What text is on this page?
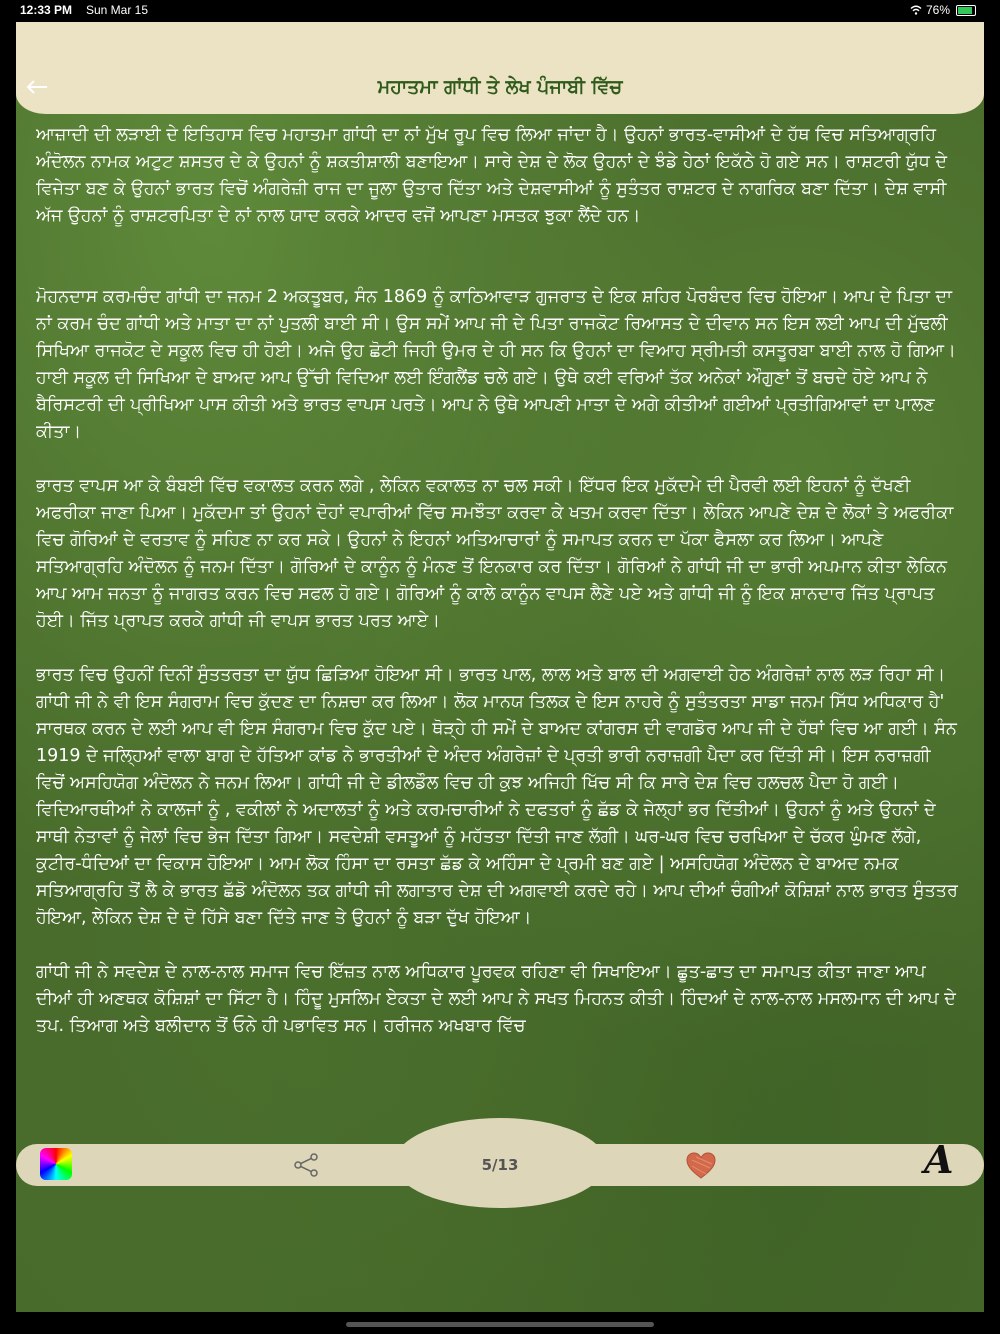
12:33 PM Sun Mar 15	76%
ਮਹਾਤਮਾ ਗਾਂਧੀ ਤੇ ਲੇਖ ਪੰਜਾਬੀ ਵਿੱਚ

ਆਜ਼ਾਦੀ ਦੀ ਲੜਾਈ ਦੇ ਇਤਿਹਾਸ ਵਿਚ ਮਹਾਤਮਾ ਗਾਂਧੀ ਦਾ ਨਾਂ ਮੁੱਖ ਰੂਪ ਵਿਚ ਲਿਆ ਜਾਂਦਾ ਹੈ। ਉਹਨਾਂ ਭਾਰਤ-ਵਾਸੀਆਂ ਦੇ ਹੱਥ ਵਿਚ ਸਤਿਆਗ੍ਰਹਿ ਅੰਦੋਲਨ ਨਾਮਕ ਅਟੁਟ ਸ਼ਸਤਰ ਦੇ ਕੇ ਉਹਨਾਂ ਨੂੰ ਸ਼ਕਤੀਸ਼ਾਲੀ ਬਣਾਇਆ। ਸਾਰੇ ਦੇਸ਼ ਦੇ ਲੋਕ ਉਹਨਾਂ ਦੇ ਝੰਡੇ ਹੇਠਾਂ ਇਕੱਠੇ ਹੋ ਗਏ ਸਨ। ਰਾਸ਼ਟਰੀ ਯੁੱਧ ਦੇ ਵਿਜੇਤਾ ਬਣ ਕੇ ਉਹਨਾਂ ਭਾਰਤ ਵਿਚੋਂ ਅੰਗਰੇਜ਼ੀ ਰਾਜ ਦਾ ਜੂਲਾ ਉਤਾਰ ਦਿੱਤਾ ਅਤੇ ਦੇਸ਼ਵਾਸੀਆਂ ਨੂੰ ਸੁਤੰਤਰ ਰਾਸ਼ਟਰ ਦੇ ਨਾਗਰਿਕ ਬਣਾ ਦਿੱਤਾ। ਦੇਸ਼ ਵਾਸੀ ਅੱਜ ਉਹਨਾਂ ਨੂੰ ਰਾਸ਼ਟਰਪਿਤਾ ਦੇ ਨਾਂ ਨਾਲ ਯਾਦ ਕਰਕੇ ਆਦਰ ਵਜੋਂ ਆਪਣਾ ਮਸਤਕ ਝੁਕਾ ਲੈਂਦੇ ਹਨ।

ਮੋਹਨਦਾਸ ਕਰਮਚੰਦ ਗਾਂਧੀ ਦਾ ਜਨਮ 2 ਅਕਤੂਬਰ, ਸੰਨ 1869 ਨੂੰ ਕਾਠਿਆਵਾੜ ਗੁਜਰਾਤ ਦੇ ਇਕ ਸ਼ਹਿਰ ਪੋਰਬੰਦਰ ਵਿਚ ਹੋਇਆ। ਆਪ ਦੇ ਪਿਤਾ ਦਾ ਨਾਂ ਕਰਮ ਚੰਦ ਗਾਂਧੀ ਅਤੇ ਮਾਤਾ ਦਾ ਨਾਂ ਪੁਤਲੀ ਬਾਈ ਸੀ। ਉਸ ਸਮੇਂ ਆਪ ਜੀ ਦੇ ਪਿਤਾ ਰਾਜਕੋਟ ਰਿਆਸਤ ਦੇ ਦੀਵਾਨ ਸਨ ਇਸ ਲਈ ਆਪ ਦੀ ਮੁੱਢਲੀ ਸਿਖਿਆ ਰਾਜਕੋਟ ਦੇ ਸਕੂਲ ਵਿਚ ਹੀ ਹੋਈ। ਅਜੇ ਉਹ ਛੋਟੀ ਜਿਹੀ ਉਮਰ ਦੇ ਹੀ ਸਨ ਕਿ ਉਹਨਾਂ ਦਾ ਵਿਆਹ ਸ੍ਰੀਮਤੀ ਕਸਤੂਰਬਾ ਬਾਈ ਨਾਲ ਹੋ ਗਿਆ। ਹਾਈ ਸਕੂਲ ਦੀ ਸਿਖਿਆ ਦੇ ਬਾਅਦ ਆਪ ਉੱਚੀ ਵਿਦਿਆ ਲਈ ਇੰਗਲੈਂਡ ਚਲੇ ਗਏ। ਉਥੇ ਕਈ ਵਰਿਆਂ ਤੱਕ ਅਨੇਕਾਂ ਔਗੁਣਾਂ ਤੋਂ ਬਚਦੇ ਹੋਏ ਆਪ ਨੇ ਬੈਰਿਸਟਰੀ ਦੀ ਪ੍ਰੀਖਿਆ ਪਾਸ ਕੀਤੀ ਅਤੇ ਭਾਰਤ ਵਾਪਸ ਪਰਤੇ। ਆਪ ਨੇ ਉਥੇ ਆਪਣੀ ਮਾਤਾ ਦੇ ਅਗੇ ਕੀਤੀਆਂ ਗਈਆਂ ਪ੍ਰਤੀਗਿਆਵਾਂ ਦਾ ਪਾਲਣ ਕੀਤਾ।

ਭਾਰਤ ਵਾਪਸ ਆ ਕੇ ਬੰਬਈ ਵਿੱਚ ਵਕਾਲਤ ਕਰਨ ਲਗੇ , ਲੇਕਿਨ ਵਕਾਲਤ ਨਾ ਚਲ ਸਕੀ। ਇੱਧਰ ਇਕ ਮੁਕੱਦਮੇ ਦੀ ਪੈਰਵੀ ਲਈ ਇਹਨਾਂ ਨੂੰ ਦੱਖਣੀ ਅਫਰੀਕਾ ਜਾਣਾ ਪਿਆ। ਮੁਕੱਦਮਾ ਤਾਂ ਉਹਨਾਂ ਦੋਹਾਂ ਵਪਾਰੀਆਂ ਵਿੱਚ ਸਮਝੌਤਾ ਕਰਵਾ ਕੇ ਖਤਮ ਕਰਵਾ ਦਿੱਤਾ। ਲੇਕਿਨ ਆਪਣੇ ਦੇਸ਼ ਦੇ ਲੋਕਾਂ ਤੇ ਅਫਰੀਕਾ ਵਿਚ ਗੋਰਿਆਂ ਦੇ ਵਰਤਾਵ ਨੂੰ ਸਹਿਣ ਨਾ ਕਰ ਸਕੇ। ਉਹਨਾਂ ਨੇ ਇਹਨਾਂ ਅਤਿਆਚਾਰਾਂ ਨੂੰ ਸਮਾਪਤ ਕਰਨ ਦਾ ਪੱਕਾ ਫੈਸਲਾ ਕਰ ਲਿਆ। ਆਪਣੇ ਸਤਿਆਗ੍ਰਹਿ ਅੰਦੋਲਨ ਨੂੰ ਜਨਮ ਦਿੱਤਾ। ਗੋਰਿਆਂ ਦੇ ਕਾਨੂੰਨ ਨੂੰ ਮੰਨਣ ਤੋਂ ਇਨਕਾਰ ਕਰ ਦਿੱਤਾ। ਗੋਰਿਆਂ ਨੇ ਗਾਂਧੀ ਜੀ ਦਾ ਭਾਰੀ ਅਪਮਾਨ ਕੀਤਾ ਲੇਕਿਨ ਆਪ ਆਮ ਜਨਤਾ ਨੂੰ ਜਾਗਰਤ ਕਰਨ ਵਿਚ ਸਫਲ ਹੋ ਗਏ। ਗੋਰਿਆਂ ਨੂੰ ਕਾਲੇ ਕਾਨੂੰਨ ਵਾਪਸ ਲੈਣੇ ਪਏ ਅਤੇ ਗਾਂਧੀ ਜੀ ਨੂੰ ਇਕ ਸ਼ਾਨਦਾਰ ਜਿੱਤ ਪ੍ਰਾਪਤ ਹੋਈ। ਜਿੱਤ ਪ੍ਰਾਪਤ ਕਰਕੇ ਗਾਂਧੀ ਜੀ ਵਾਪਸ ਭਾਰਤ ਪਰਤ ਆਏ।

ਭਾਰਤ ਵਿਚ ਉਹਨੀਂ ਦਿਨੀਂ ਸੁੰਤਤਰਤਾ ਦਾ ਯੁੱਧ ਛਿੜਿਆ ਹੋਇਆ ਸੀ। ਭਾਰਤ ਪਾਲ, ਲਾਲ ਅਤੇ ਬਾਲ ਦੀ ਅਗਵਾਈ ਹੇਠ ਅੰਗਰੇਜ਼ਾਂ ਨਾਲ ਲੜ ਰਿਹਾ ਸੀ। ਗਾਂਧੀ ਜੀ ਨੇ ਵੀ ਇਸ ਸੰਗਰਾਮ ਵਿਚ ਕੁੱਦਣ ਦਾ ਨਿਸ਼ਚਾ ਕਰ ਲਿਆ। ਲੋਕ ਮਾਨਯ ਤਿਲਕ ਦੇ ਇਸ ਨਾਹਰੇ ਨੂੰ ਸੁਤੰਤਰਤਾ ਸਾਡਾ ਜਨਮ ਸਿੱਧ ਅਧਿਕਾਰ ਹੈ' ਸਾਰਥਕ ਕਰਨ ਦੇ ਲਈ ਆਪ ਵੀ ਇਸ ਸੰਗਰਾਮ ਵਿਚ ਕੁੱਦ ਪਏ। ਥੋੜ੍ਹੇ ਹੀ ਸਮੇਂ ਦੇ ਬਾਅਦ ਕਾਂਗਰਸ ਦੀ ਵਾਗਡੋਰ ਆਪ ਜੀ ਦੇ ਹੱਥਾਂ ਵਿਚ ਆ ਗਈ। ਸੰਨ 1919 ਦੇ ਜਲ੍ਹਿਆਂ ਵਾਲਾ ਬਾਗ ਦੇ ਹੱਤਿਆ ਕਾਂਡ ਨੇ ਭਾਰਤੀਆਂ ਦੇ ਅੰਦਰ ਅੰਗਰੇਜ਼ਾਂ ਦੇ ਪ੍ਰਤੀ ਭਾਰੀ ਨਰਾਜ਼ਗੀ ਪੈਦਾ ਕਰ ਦਿੱਤੀ ਸੀ। ਇਸ ਨਰਾਜ਼ਗੀ ਵਿਚੋਂ ਅਸਹਿਯੋਗ ਅੰਦੋਲਨ ਨੇ ਜਨਮ ਲਿਆ। ਗਾਂਧੀ ਜੀ ਦੇ ਡੀਲਡੌਲ ਵਿਚ ਹੀ ਕੁਝ ਅਜਿਹੀ ਖਿੱਚ ਸੀ ਕਿ ਸਾਰੇ ਦੇਸ਼ ਵਿਚ ਹਲਚਲ ਪੈਦਾ ਹੋ ਗਈ। ਵਿਦਿਆਰਥੀਆਂ ਨੇ ਕਾਲਜਾਂ ਨੂੰ , ਵਕੀਲਾਂ ਨੇ ਅਦਾਲਤਾਂ ਨੂੰ ਅਤੇ ਕਰਮਚਾਰੀਆਂ ਨੇ ਦਫਤਰਾਂ ਨੂੰ ਛੱਡ ਕੇ ਜੇਲ੍ਹਾਂ ਭਰ ਦਿੱਤੀਆਂ। ਉਹਨਾਂ ਨੂੰ ਅਤੇ ਉਹਨਾਂ ਦੇ ਸਾਥੀ ਨੇਤਾਵਾਂ ਨੂੰ ਜੇਲਾਂ ਵਿਚ ਭੇਜ ਦਿੱਤਾ ਗਿਆ। ਸਵਦੇਸ਼ੀ ਵਸਤੂਆਂ ਨੂੰ ਮਹੱਤਤਾ ਦਿੱਤੀ ਜਾਣ ਲੱਗੀ। ਘਰ-ਘਰ ਵਿਚ ਚਰਖਿਆ ਦੇ ਚੱਕਰ ਘੁੰਮਣ ਲੱਗੇ, ਕੁਟੀਰ-ਧੰਦਿਆਂ ਦਾ ਵਿਕਾਸ ਹੋਇਆ। ਆਮ ਲੋਕ ਹਿੰਸਾ ਦਾ ਰਸਤਾ ਛੱਡ ਕੇ ਅਹਿੰਸਾ ਦੇ ਪ੍ਰਮੀ ਬਣ ਗਏ | ਅਸਹਿਯੋਗ ਅੰਦੋਲਨ ਦੇ ਬਾਅਦ ਨਮਕ ਸਤਿਆਗ੍ਰਹਿ ਤੋਂ ਲੈ ਕੇ ਭਾਰਤ ਛੱਡੋ ਅੰਦੋਲਨ ਤਕ ਗਾਂਧੀ ਜੀ ਲਗਾਤਾਰ ਦੇਸ਼ ਦੀ ਅਗਵਾਈ ਕਰਦੇ ਰਹੇ। ਆਪ ਦੀਆਂ ਚੰਗੀਆਂ ਕੋਸ਼ਿਸ਼ਾਂ ਨਾਲ ਭਾਰਤ ਸੁੰਤਤਰ ਹੋਇਆ, ਲੇਕਿਨ ਦੇਸ਼ ਦੇ ਦੋ ਹਿੱਸੇ ਬਣਾ ਦਿੱਤੇ ਜਾਣ ਤੇ ਉਹਨਾਂ ਨੂੰ ਬੜਾ ਦੁੱਖ ਹੋਇਆ।

ਗਾਂਧੀ ਜੀ ਨੇ ਸਵਦੇਸ਼ ਦੇ ਨਾਲ-ਨਾਲ ਸਮਾਜ ਵਿਚ ਇੱਜ਼ਤ ਨਾਲ ਅਧਿਕਾਰ ਪੂਰਵਕ ਰਹਿਣਾ ਵੀ ਸਿਖਾਇਆ। ਛੂਤ-ਛਾਤ ਦਾ ਸਮਾਪਤ ਕੀਤਾ ਜਾਣਾ ਆਪ ਦੀਆਂ ਹੀ ਅਣਥਕ ਕੋਸ਼ਿਸ਼ਾਂ ਦਾ ਸਿੱਟਾ ਹੈ। ਹਿੰਦੂ ਮੁਸਲਿਮ ਏਕਤਾ ਦੇ ਲਈ ਆਪ ਨੇ ਸਖਤ ਮਿਹਨਤ ਕੀਤੀ। ਹਿੰਦਆਂ ਦੇ ਨਾਲ-ਨਾਲ ਮਸਲਮਾਨ ਦੀ ਆਪ ਦੇ ਤਪ. ਤਿਆਗ ਅਤੇ ਬਲੀਦਾਨ ਤੋਂ ਓਨੇ ਹੀ ਪਭਾਵਿਤ ਸਨ। ਹਰੀਜਨ ਅਖਬਾਰ ਵਿੱਚ

5/13	A
